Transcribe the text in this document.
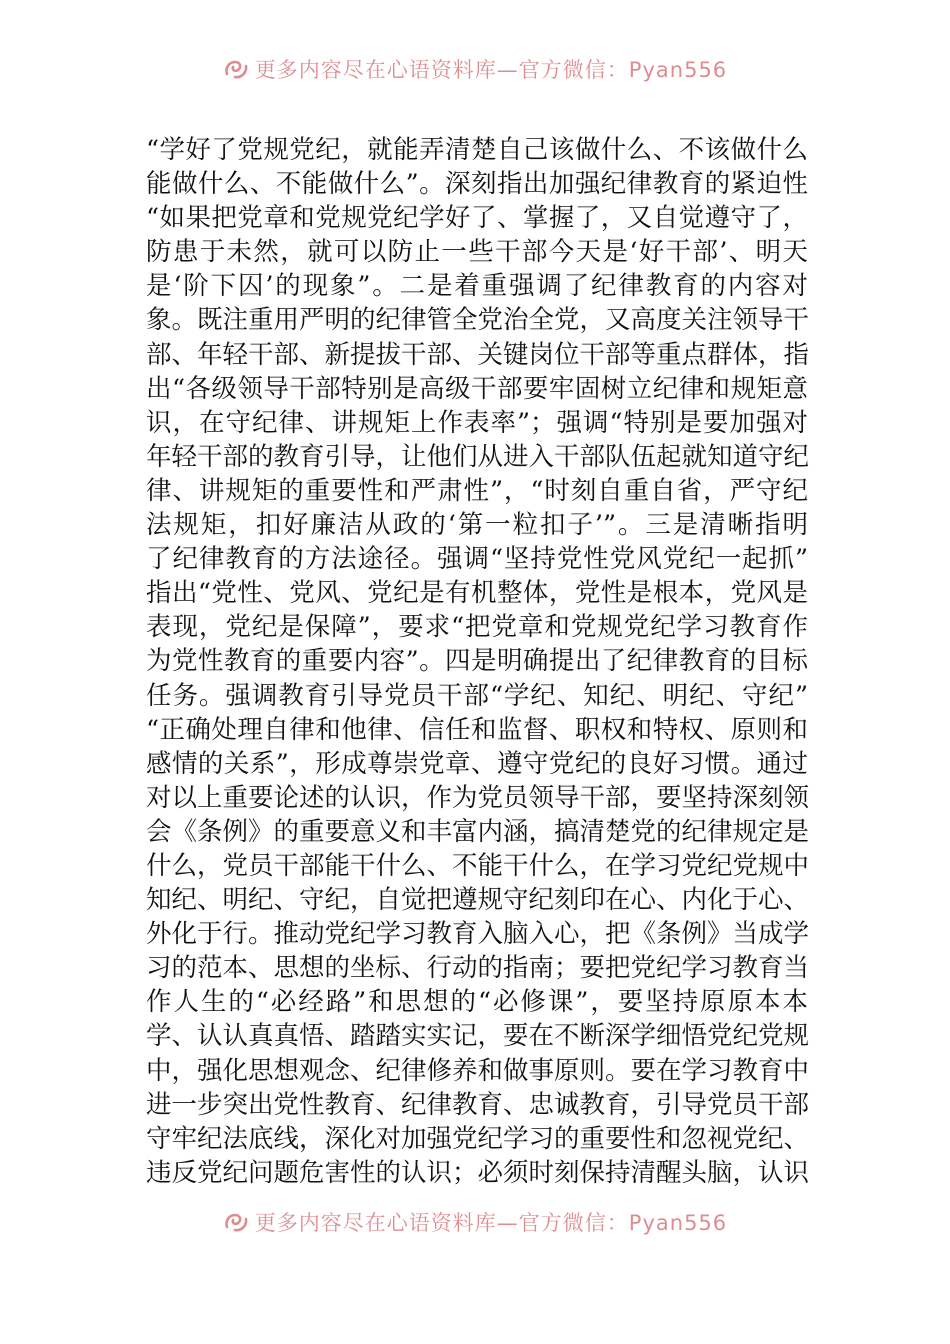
更多内容尽在心语资料库—官方微信：Pyan556
“学好了党规党纪，就能弄清楚自己该做什么、不该做什么
能做什么、不能做什么”。深刻指出加强纪律教育的紧迫性
“如果把党章和党规党纪学好了、掌握了，又自觉遵守了，
防患于未然，就可以防止一些干部今天是‘好干部’、明天
是‘阶下囚’的现象”。二是着重强调了纪律教育的内容对
象。既注重用严明的纪律管全党治全党，又高度关注领导干
部、年轻干部、新提拔干部、关键岗位干部等重点群体，指
出“各级领导干部特别是高级干部要牢固树立纪律和规矩意
识，在守纪律、讲规矩上作表率”；强调“特别是要加强对
年轻干部的教育引导，让他们从进入干部队伍起就知道守纪
律、讲规矩的重要性和严肃性”，“时刻自重自省，严守纪
法规矩，扣好廉洁从政的‘第一粒扣子’”。三是清晰指明
了纪律教育的方法途径。强调“坚持党性党风党纪一起抓”
指出“党性、党风、党纪是有机整体，党性是根本，党风是
表现，党纪是保障”，要求“把党章和党规党纪学习教育作
为党性教育的重要内容”。四是明确提出了纪律教育的目标
任务。强调教育引导党员干部“学纪、知纪、明纪、守纪”
“正确处理自律和他律、信任和监督、职权和特权、原则和
感情的关系”，形成尊崇党章、遵守党纪的良好习惯。通过
对以上重要论述的认识，作为党员领导干部，要坚持深刻领
会《条例》的重要意义和丰富内涵，搞清楚党的纪律规定是
什么，党员干部能干什么、不能干什么，在学习党纪党规中
知纪、明纪、守纪，自觉把遵规守纪刻印在心、内化于心、
外化于行。推动党纪学习教育入脑入心，把《条例》当成学
习的范本、思想的坐标、行动的指南；要把党纪学习教育当
作人生的“必经路”和思想的“必修课”，要坚持原原本本
学、认认真真悟、踏踏实实记，要在不断深学细悟党纪党规
中，强化思想观念、纪律修养和做事原则。要在学习教育中
进一步突出党性教育、纪律教育、忠诚教育，引导党员干部
守牢纪法底线，深化对加强党纪学习的重要性和忽视党纪、
违反党纪问题危害性的认识；必须时刻保持清醒头脑，认识
更多内容尽在心语资料库—官方微信：Pyan556
